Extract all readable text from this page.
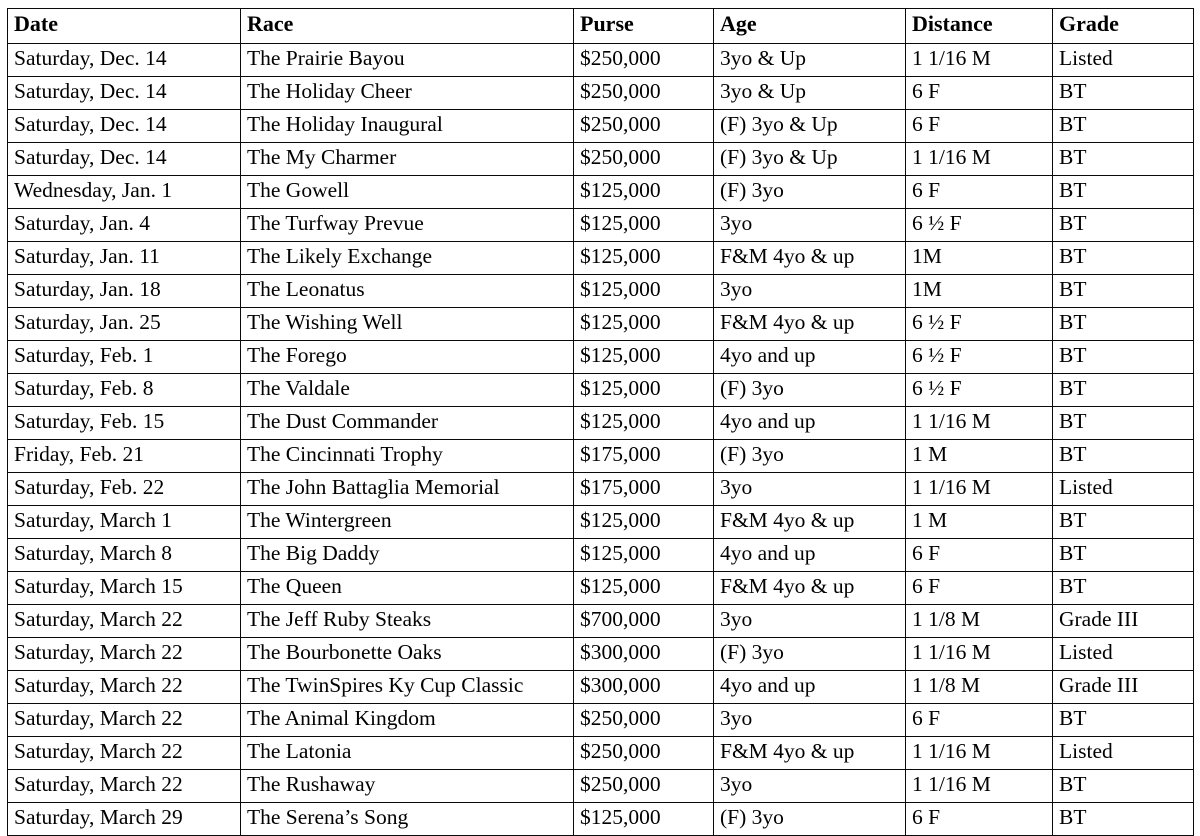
Date	Race	Purse	Age	Distance	Grade
Saturday, Dec. 14	The Prairie Bayou	$250,000	3yo & Up	1 1/16 M	Listed
Saturday, Dec. 14	The Holiday Cheer	$250,000	3yo & Up	6 F	BT
Saturday, Dec. 14	The Holiday Inaugural	$250,000	(F) 3yo & Up	6 F	BT
Saturday, Dec. 14	The My Charmer	$250,000	(F) 3yo & Up	1 1/16 M	BT
Wednesday, Jan. 1	The Gowell	$125,000	(F) 3yo	6 F	BT
Saturday, Jan. 4	The Turfway Prevue	$125,000	3yo	6 ½ F	BT
Saturday, Jan. 11	The Likely Exchange	$125,000	F&M 4yo & up	1M	BT
Saturday, Jan. 18	The Leonatus	$125,000	3yo	1M	BT
Saturday, Jan. 25	The Wishing Well	$125,000	F&M 4yo & up	6 ½ F	BT
Saturday, Feb. 1	The Forego	$125,000	4yo and up	6 ½ F	BT
Saturday, Feb. 8	The Valdale	$125,000	(F) 3yo	6 ½ F	BT
Saturday, Feb. 15	The Dust Commander	$125,000	4yo and up	1 1/16 M	BT
Friday, Feb. 21	The Cincinnati Trophy	$175,000	(F) 3yo	1 M	BT
Saturday, Feb. 22	The John Battaglia Memorial	$175,000	3yo	1 1/16 M	Listed
Saturday, March 1	The Wintergreen	$125,000	F&M 4yo & up	1 M	BT
Saturday, March 8	The Big Daddy	$125,000	4yo and up	6 F	BT
Saturday, March 15	The Queen	$125,000	F&M 4yo & up	6 F	BT
Saturday, March 22	The Jeff Ruby Steaks	$700,000	3yo	1 1/8 M	Grade III
Saturday, March 22	The Bourbonette Oaks	$300,000	(F) 3yo	1 1/16 M	Listed
Saturday, March 22	The TwinSpires Ky Cup Classic	$300,000	4yo and up	1 1/8 M	Grade III
Saturday, March 22	The Animal Kingdom	$250,000	3yo	6 F	BT
Saturday, March 22	The Latonia	$250,000	F&M 4yo & up	1 1/16 M	Listed
Saturday, March 22	The Rushaway	$250,000	3yo	1 1/16 M	BT
Saturday, March 29	The Serena’s Song	$125,000	(F) 3yo	6 F	BT
